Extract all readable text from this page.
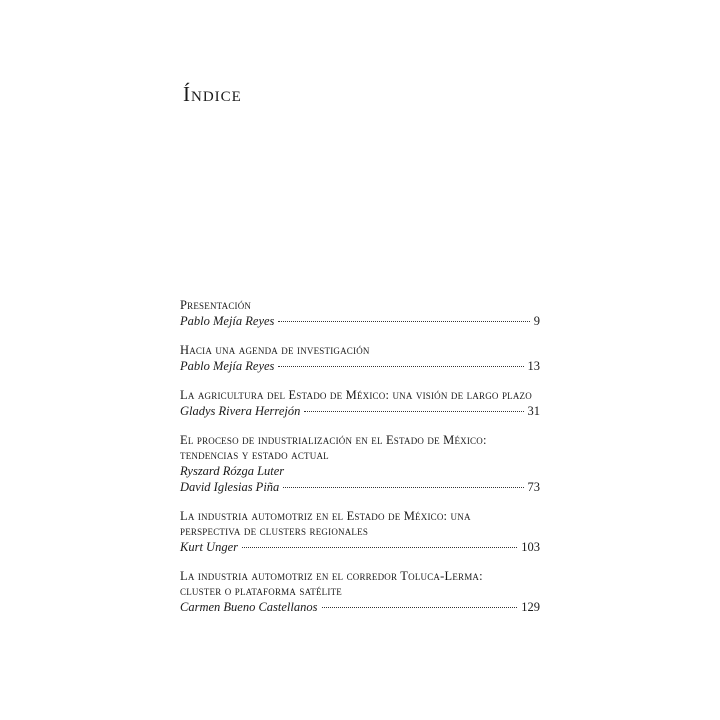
Índice
Presentación
Pablo Mejía Reyes	9
Hacia una agenda de investigación
Pablo Mejía Reyes	13
La agricultura del Estado de México: una visión de largo plazo
Gladys Rivera Herrejón	31
El proceso de industrialización en el Estado de México:
tendencias y estado actual
Ryszard Rózga Luter
David Iglesias Piña	73
La industria automotriz en el Estado de México: una
perspectiva de clusters regionales
Kurt Unger	103
La industria automotriz en el corredor Toluca-Lerma:
cluster o plataforma satélite
Carmen Bueno Castellanos	129
